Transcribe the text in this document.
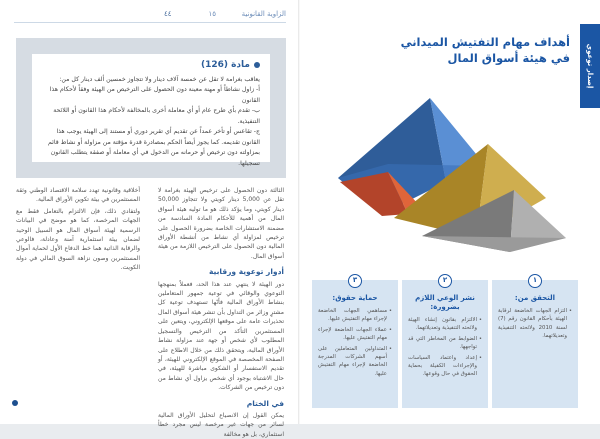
٤٤	الزاوية القانونية
١٥
مادة (126)

يعاقب بغرامة لا تقل عن خمسة آلاف دينار ولا تتجاوز خمسين ألف دينار كل من:

أ- زاول نشاطاً أو مهنة معينة دون الحصول على الترخيص من الهيئة وفقاً لأحكام هذا القانون

ب- تقدم بأي طرح عام أو أي معاملة أخرى بالمخالفة لأحكام هذا القانون أو اللائحة التنفيذية.

ج- تقاعس أو تأخر عمداً عن تقديم أي تقرير دوري أو مستند إلى الهيئة يوجب هذا القانون تقديمه. كما يجوز أيضاً الحكم بمصادرة قدرة مؤقتة من مزاولة أو نشاط قائم بمزاولته دون ترخيص أو حرمانه من الدخول في أي معاملة أو صفقة يتطلب القانون تسجيلها.

الثالثة دون الحصول على ترخيص الهيئة بغرامة لا تقل عن 5,000 دينار كويتي ولا تتجاوز 50,000 دينار كويتي، وما يؤكد ذلك هو ما توليه هيئة أسواق المال من أهمية للأحكام المادة السادسة من مضمنة الاستشارات الخاصة بضرورة الحصول على ترخيص لمزاولة أي نشاط من أنشطة الأوراق المالية دون الحصول على الترخيص اللازمة من هيئة أسواق المال.

أدوار توعوية ورقابية

دور الهيئة لا ينتهي عند هذا الحد، فعملاً بمنهجها التوعوي والوقائي في توعية جمهور المتعاملين بنشاط الأوراق المالية فأنّها تستهدف توعية كل مشترٍ وزائر من التداول بأن تنشر هيئة أسواق المال تحذيرات عامة على موقعها الإلكتروني، ويتعين على المستثمرين التأكد من الترخيص والتسجيل المطلوب لأي شخص أو جهة عند مزاولة نشاط الأوراق المالية، ويتحقق ذلك من خلال الاطلاع على الصفحة المخصصة في الموقع الإلكتروني للهيئة، أو تقديم الاستفسار أو الشكوى مباشرة للهيئة، في حال الاشتباه بوجود أي شخص يزاول أي نشاط من دون ترخيص من الشركات.

في الختام

يمكن القول إن الانصياع لتحليل الأوراق المالية لسائر من جهات غير مرخصة ليس مجرد خطأ استثماري، بل هو مخالفة

أخلاقية وقانونية تهدد سلامة الاقتصاد الوطني وثقة المستثمرين في بيئة تكوين الأوراق المالية.

ولتفادي ذلك، فإن الالتزام بالتعامل فقط مع الجهات المرخصة، كما هو موضح في البيانات الرسمية لهيئة أسواق المال هو السبيل الوحيد لضمان بيئة استثمارية آمنة وعادلة، فالوعي والرقابة الذاتية هما خط الدفاع الأول لحماية أموال المستثمرين وصون نزاهة السوق المالي في دولة الكويت.

إصدار توعوي
أهداف مهام التفتيش الميداني
في هيئة أسواق المال
١
التحقق من:
• التزام الجهات الخاضعة لرقابة الهيئة بأحكام القانون رقم (7) لسنة 2010 ولائحته التنفيذية وتعديلاتهما.
٢
نشر الوعي اللازم بضرورة:
• الالتزام بقانون إنشاء الهيئة ولائحته التنفيذية وتعديلاتهما.
• الضوابط من المخاطر التي قد تواجهها.
• إعداد واعتماد السياسات والإجراءات الكفيلة بحماية الحقوق في حال وقوعها.
٣
حماية حقوق:
• مساهمي الجهات الخاضعة لإجراء مهام التفتيش عليها.
• عملاء الجهات الخاضعة لإجراء مهام التفتيش عليها.
• المتداولين المتعاملين على أسهم الشركات المدرجة الخاضعة لإجراء مهام التفتيش عليها.
